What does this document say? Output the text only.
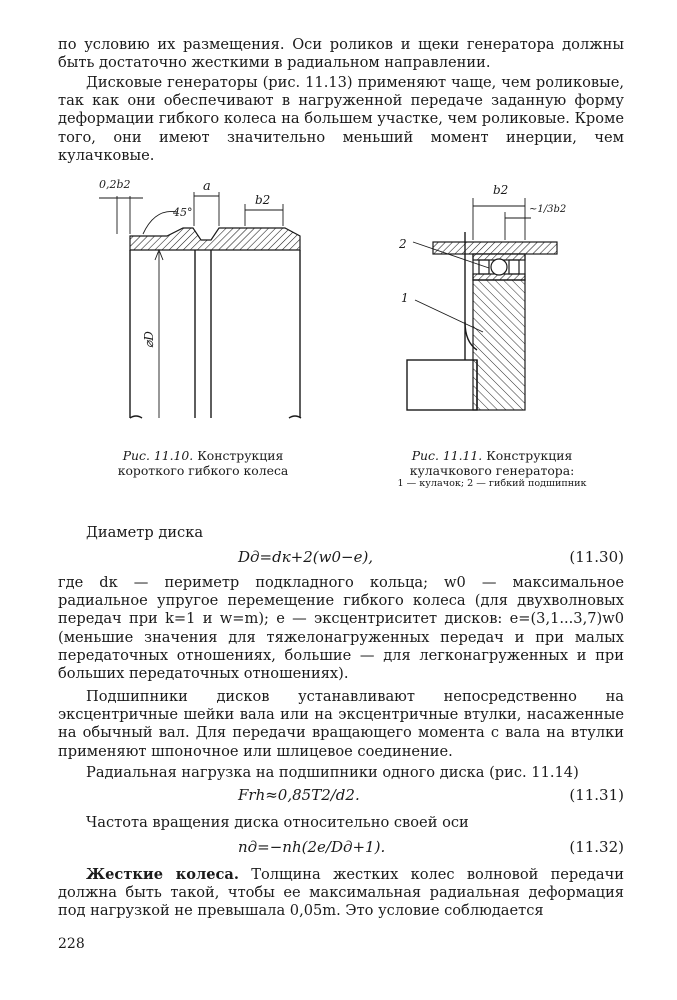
по условию их размещения. Оси роликов и щеки генератора должны быть достаточно жесткими в радиальном направлении.
Дисковые генераторы (рис. 11.13) применяют чаще, чем роликовые, так как они обеспечивают в нагруженной передаче заданную форму деформации гибкого колеса на большем участке, чем роликовые. Кроме того, они имеют значительно меньший момент инерции, чем кулачковые.
0,2b2
45°
a
b2
⌀D
b2
~1/3b2
2
1
Рис. 11.10. Конструкция короткого гибкого колеса
Рис. 11.11. Конструкция кулачкового генератора:
1 — кулачок; 2 — гибкий подшипник
Диаметр диска
Dд=dк+2(w0−e),	(11.30)
где dк — периметр подкладного кольца; w0 — максимальное радиальное упругое перемещение гибкого колеса (для двухволновых передач при k=1 и w=m); e — эксцентриситет дисков: e=(3,1...3,7)w0 (меньшие значения для тяжелонагруженных передач и при малых передаточных отношениях, большие — для легконагруженных и при больших передаточных отношениях).
Подшипники дисков устанавливают непосредственно на эксцентричные шейки вала или на эксцентричные втулки, насаженные на обычный вал. Для передачи вращающего момента с вала на втулки применяют шпоночное или шлицевое соединение.
Радиальная нагрузка на подшипники одного диска (рис. 11.14)
Frh≈0,85T2/d2.	(11.31)
Частота вращения диска относительно своей оси
nд=−nh(2e/Dд+1).	(11.32)
Жесткие колеса. Толщина жестких колес волновой передачи должна быть такой, чтобы ее максимальная радиальная деформация под нагрузкой не превышала 0,05m. Это условие соблюдается
228
